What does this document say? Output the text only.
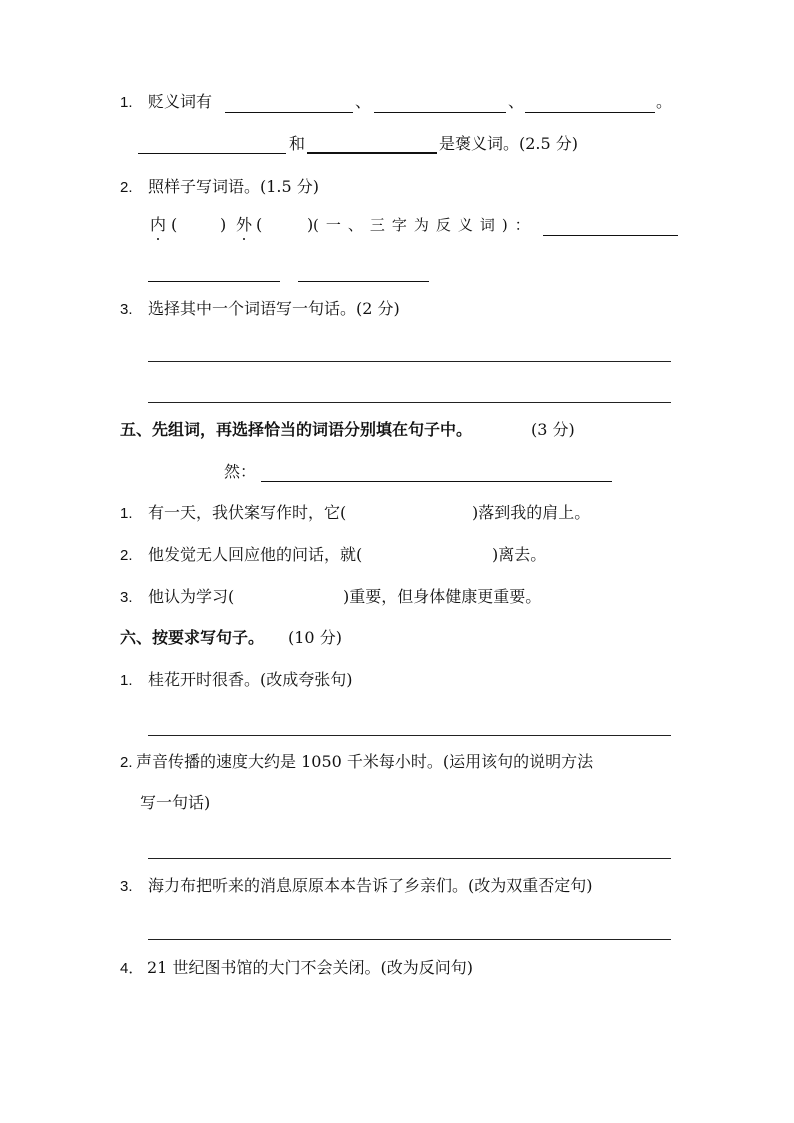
1. 贬义词有	、	、	。
和	是褒义词。(2.5 分)
2. 照样子写词语。(1.5 分)
内 (	) 外 (	) (一、三字为反义词)：
3. 选择其中一个词语写一句话。(2 分)
五、先组词，再选择恰当的词语分别填在句子中。	(3 分)
然：
1. 有一天，我伏案写作时，它(	)落到我的肩上。
2. 他发觉无人回应他的问话，就(	)离去。
3. 他认为学习(	)重要，但身体健康更重要。
六、按要求写句子。 (10 分)
1. 桂花开时很香。(改成夸张句)
2. 声音传播的速度大约是 1050 千米每小时。(运用该句的说明方法
写一句话)
3. 海力布把听来的消息原原本本告诉了乡亲们。(改为双重否定句)
4． 21 世纪图书馆的大门不会关闭。(改为反问句)
